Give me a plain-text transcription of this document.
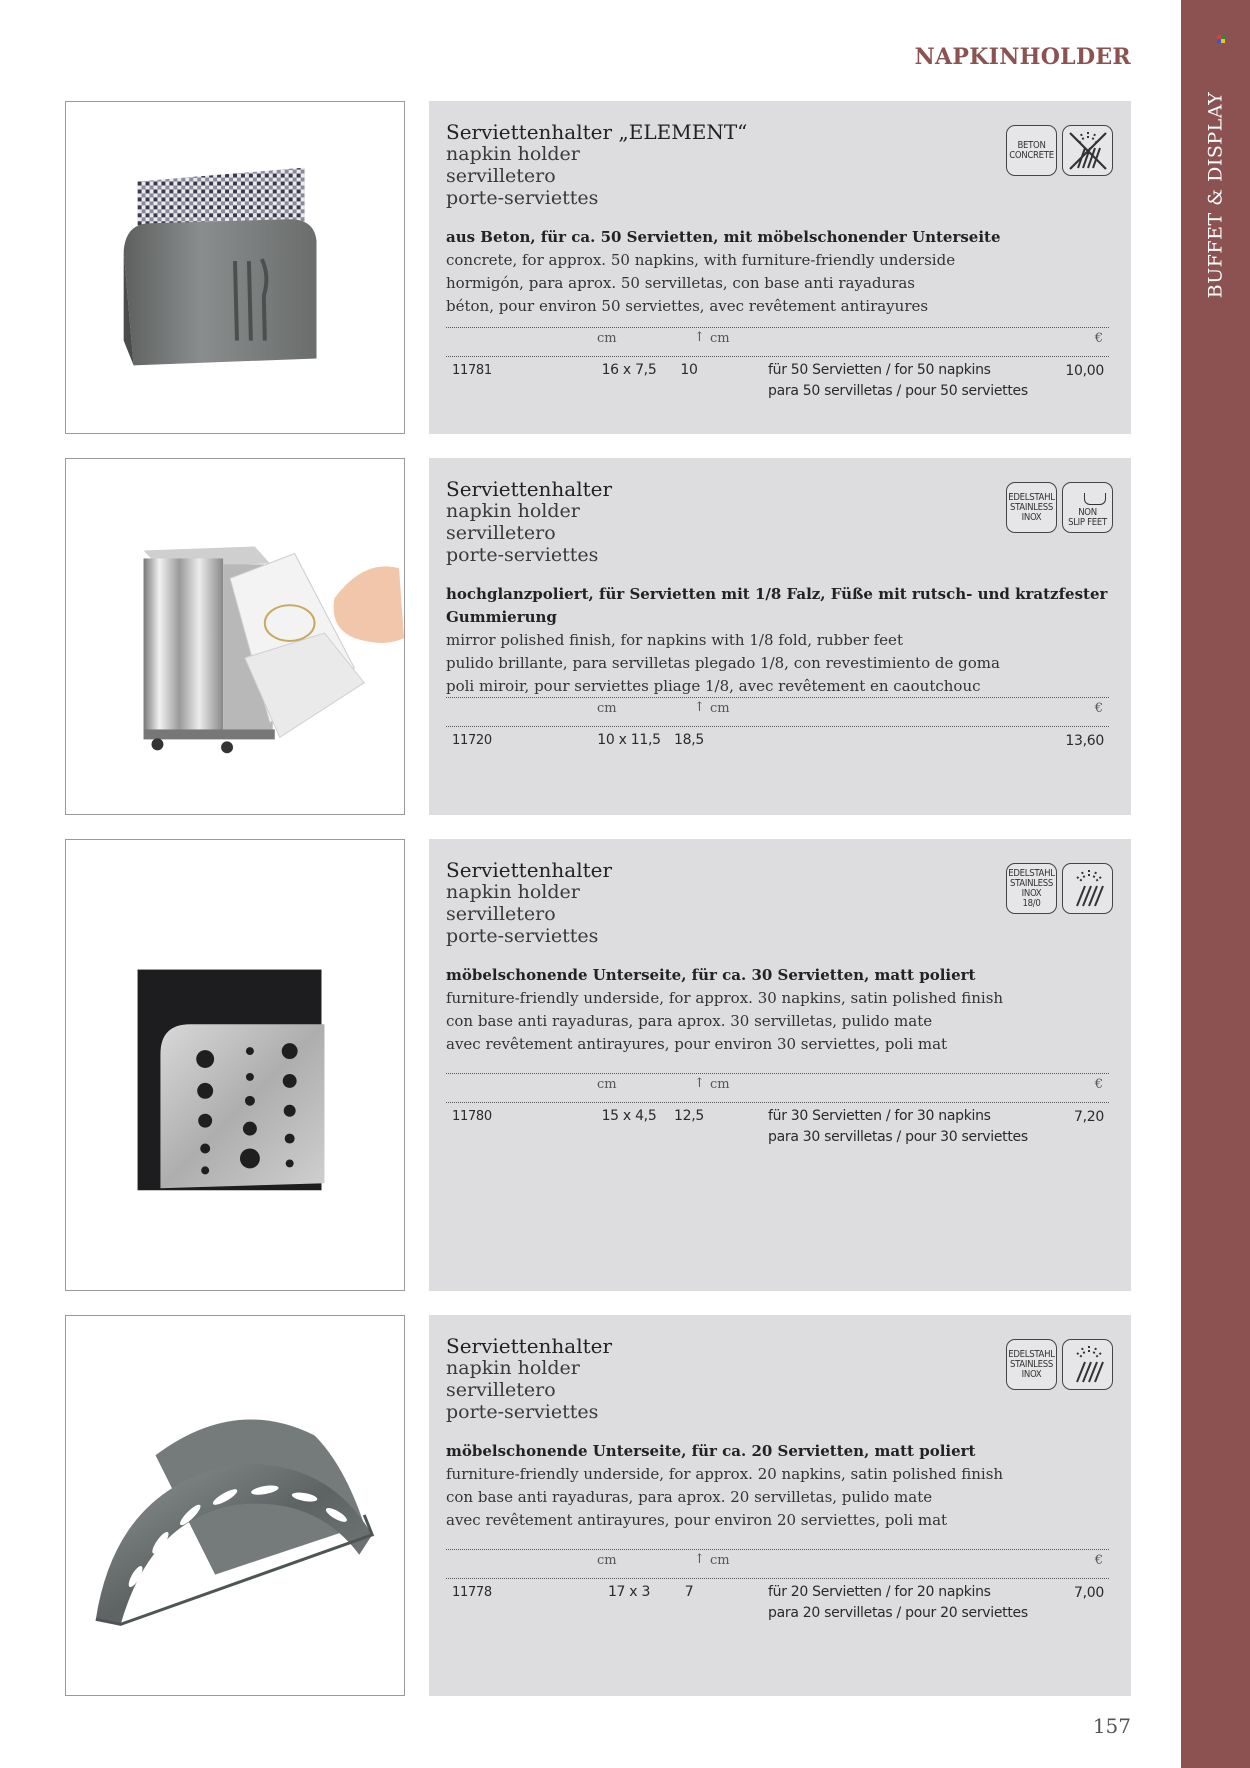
BUFFET & DISPLAY
NAPKINHOLDER
Serviettenhalter „ELEMENT“
napkin holder
servilletero
porte-serviettes
BETON
CONCRETE
aus Beton, für ca. 50 Servietten, mit möbelschonender Unterseite
concrete, for approx. 50 napkins, with furniture-friendly underside
hormigón, para aprox. 50 servilletas, con base anti rayaduras
béton, pour environ 50 serviettes, avec revêtement antirayures
cm	↑ cm	€
11781	16 x 7,5	10	für 50 Servietten / for 50 napkins
para 50 servilletas / pour 50 serviettes
10,00
Serviettenhalter
napkin holder
servilletero
porte-serviettes
EDELSTAHL
STAINLESS
INOX	NON
SLIP FEET
hochglanzpoliert, für Servietten mit 1/8 Falz, Füße mit rutsch- und kratzfester Gummierung
mirror polished finish, for napkins with 1/8 fold, rubber feet
pulido brillante, para servilletas plegado 1/8, con revestimiento de goma
poli miroir, pour serviettes pliage 1/8, avec revêtement en caoutchouc
cm	↑ cm	€
11720	10 x 11,5 18,5	13,60
Serviettenhalter
napkin holder
servilletero
porte-serviettes
EDELSTAHL
STAINLESS
INOX
18/0
möbelschonende Unterseite, für ca. 30 Servietten, matt poliert
furniture-friendly underside, for approx. 30 napkins, satin polished finish
con base anti rayaduras, para aprox. 30 servilletas, pulido mate
avec revêtement antirayures, pour environ 30 serviettes, poli mat
cm	↑ cm	€
11780	15 x 4,5	12,5	für 30 Servietten / for 30 napkins
para 30 servilletas / pour 30 serviettes
7,20
Serviettenhalter
napkin holder
servilletero
porte-serviettes
EDELSTAHL
STAINLESS
INOX
möbelschonende Unterseite, für ca. 20 Servietten, matt poliert
furniture-friendly underside, for approx. 20 napkins, satin polished finish
con base anti rayaduras, para aprox. 20 servilletas, pulido mate
avec revêtement antirayures, pour environ 20 serviettes, poli mat
cm	↑ cm	€
11778	17 x 3	7	für 20 Servietten / for 20 napkins
para 20 servilletas / pour 20 serviettes
7,00
157
